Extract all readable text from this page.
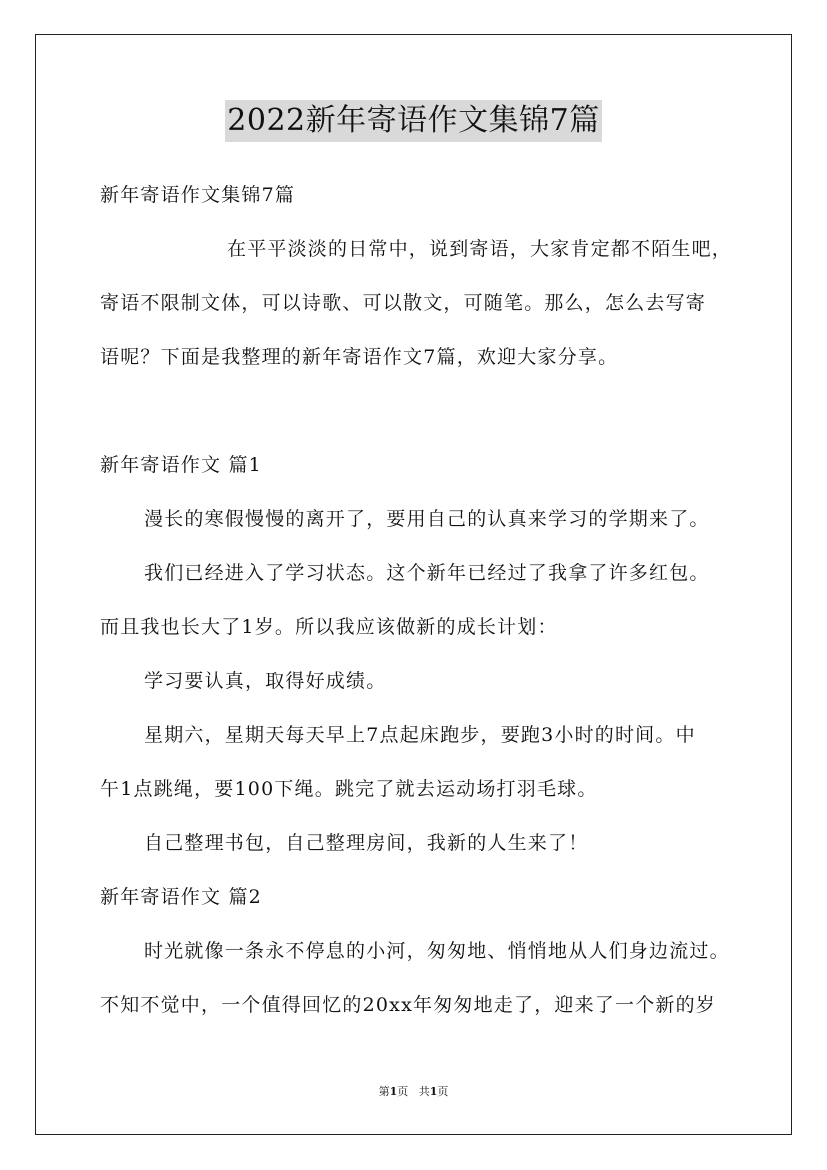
2022新年寄语作文集锦7篇
新年寄语作文集锦7篇
在平平淡淡的日常中，说到寄语，大家肯定都不陌生吧，
寄语不限制文体，可以诗歌、可以散文，可随笔。那么，怎么去写寄
语呢？下面是我整理的新年寄语作文7篇，欢迎大家分享。
新年寄语作文 篇1
漫长的寒假慢慢的离开了，要用自己的认真来学习的学期来了。
我们已经进入了学习状态。这个新年已经过了我拿了许多红包。
而且我也长大了1岁。所以我应该做新的成长计划：
学习要认真，取得好成绩。
星期六，星期天每天早上7点起床跑步，要跑3小时的时间。中
午1点跳绳，要100下绳。跳完了就去运动场打羽毛球。
自己整理书包，自己整理房间，我新的人生来了！
新年寄语作文 篇2
时光就像一条永不停息的小河，匆匆地、悄悄地从人们身边流过。
不知不觉中，一个值得回忆的20xx年匆匆地走了，迎来了一个新的岁
第1页 共1页
